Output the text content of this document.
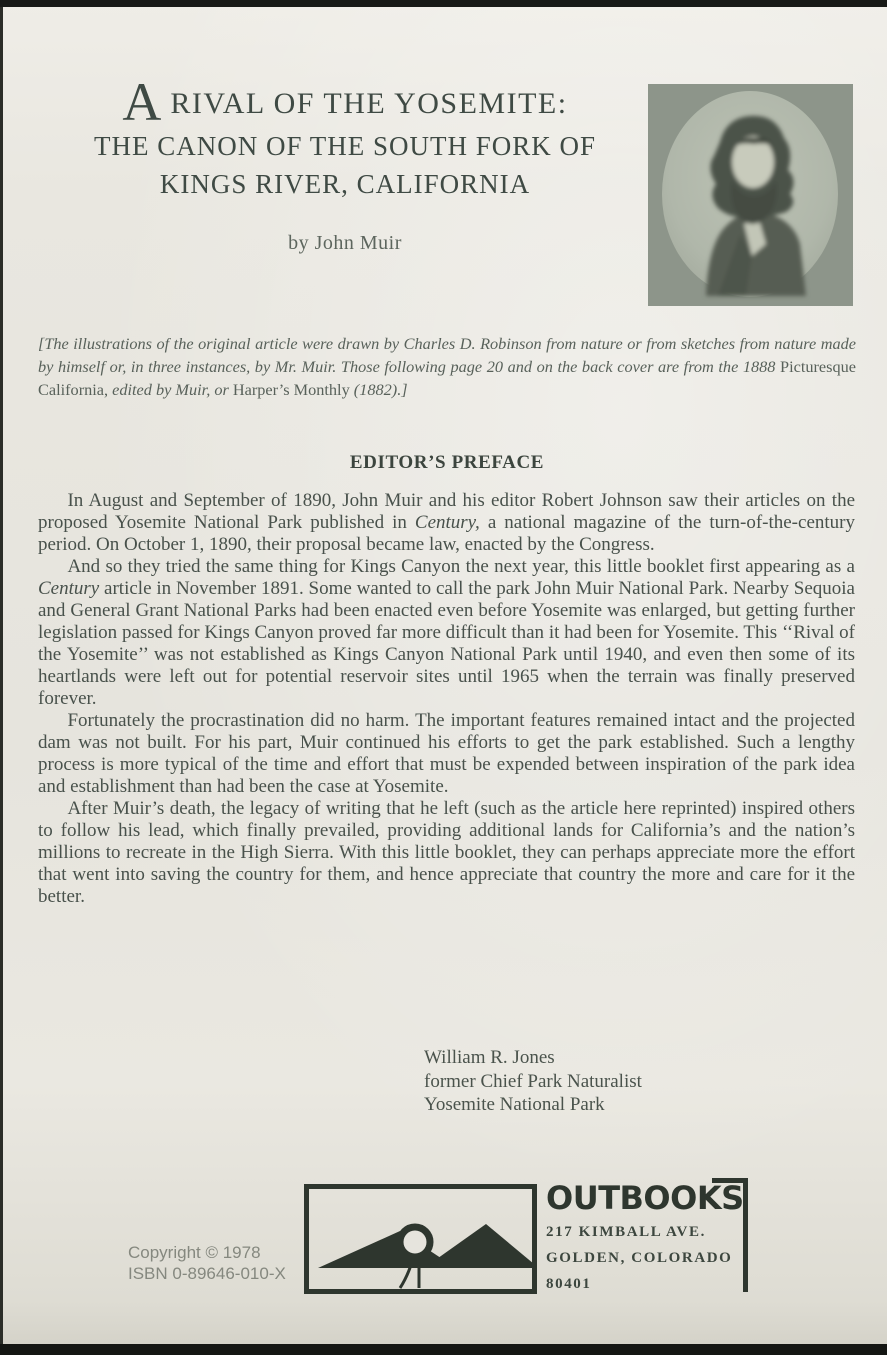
A RIVAL OF THE YOSEMITE:
THE CANON OF THE SOUTH FORK OF
KINGS RIVER, CALIFORNIA
by John Muir
[The illustrations of the original article were drawn by Charles D. Robinson from nature or from sketches from nature made by himself or, in three instances, by Mr. Muir. Those following page 20 and on the back cover are from the 1888 Picturesque California, edited by Muir, or Harper’s Monthly (1882).]
EDITOR’S PREFACE

In August and September of 1890, John Muir and his editor Robert Johnson saw their articles on the proposed Yosemite National Park published in Century, a national magazine of the turn-of-the-century period. On October 1, 1890, their proposal became law, enacted by the Congress.

And so they tried the same thing for Kings Canyon the next year, this little booklet first appearing as a Century article in November 1891. Some wanted to call the park John Muir National Park. Nearby Sequoia and General Grant National Parks had been enacted even before Yosemite was enlarged, but getting further legislation passed for Kings Canyon proved far more difficult than it had been for Yosemite. This ‘‘Rival of the Yosemite’’ was not established as Kings Canyon National Park until 1940, and even then some of its heartlands were left out for potential reservoir sites until 1965 when the terrain was finally preserved forever.

Fortunately the procrastination did no harm. The important features remained intact and the projected dam was not built. For his part, Muir continued his efforts to get the park established. Such a lengthy process is more typical of the time and effort that must be expended between inspiration of the park idea and establishment than had been the case at Yosemite.

After Muir’s death, the legacy of writing that he left (such as the article here reprinted) inspired others to follow his lead, which finally prevailed, providing additional lands for California’s and the nation’s millions to recreate in the High Sierra. With this little booklet, they can perhaps appreciate more the effort that went into saving the country for them, and hence appreciate that country the more and care for it the better.

William R. Jones
former Chief Park Naturalist
Yosemite National Park
Copyright © 1978
ISBN 0-89646-010-X
OUTBOOKS
217 KIMBALL AVE.
GOLDEN, COLORADO
80401
